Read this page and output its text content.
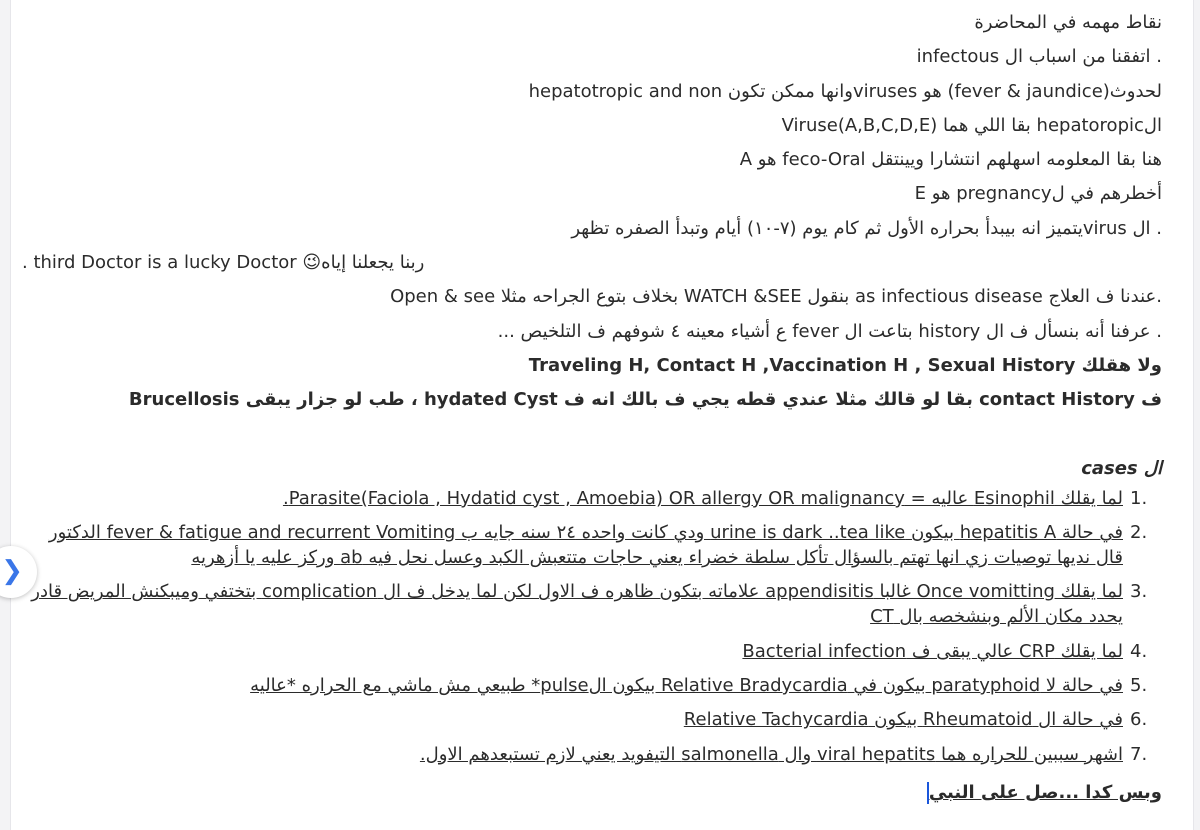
❯
نقاط مهمه في المحاضرة
. اتفقنا من اسباب ال infectous
لحدوث(fever & jaundice) هو virusesوانها ممكن تكون hepatotropic and non
الhepatoropic بقا اللي هما (Viruse(A,B,C,D,E
هنا بقا المعلومه اسهلهم انتشارا ويينتقل feco-Oral هو A
أخطرهم في لpregnancy هو E
. ال virusيتميز انه بيبدأ بحراره الأول ثم كام يوم (٧-١٠) أيام وتبدأ الصفره تظهر
ربنا يجعلنا إياه😉 third Doctor is a lucky Doctor .
.عندنا ف العلاج as infectious disease بنقول WATCH &SEE بخلاف بتوع الجراحه مثلا Open & see
. عرفنا أنه بنسأل ف ال history بتاعت ال fever ع أشياء معينه ٤ شوفهم ف التلخيص ...
ولا هقلك Traveling H, Contact H ,Vaccination H , Sexual History
ف contact History بقا لو قالك مثلا عندي قطه يجي ف بالك انه ف hydated Cyst ، طب لو جزار يبقى Brucellosis
ال cases
1.
لما يقلك Esinophil عاليه = Parasite(Faciola , Hydatid cyst , Amoebia) OR allergy OR malignancy.
2.
في حالة hepatitis A بيكون urine is dark ..tea like ودي كانت واحده ٢٤ سنه جايه ب fever & fatigue and recurrent Vomiting الدكتور قال نديها توصيات زي انها تهتم بالسؤال تأكل سلطة خضراء يعني حاجات متتعبش الكبد وعسل نحل فيه ab وركز عليه يا أزهريه
3.
لما يقلك Once vomitting غالبا appendisitis علاماته بتكون ظاهره ف الاول لكن لما يدخل ف ال complication بتختفي وميبكنش المريض قادر يحدد مكان الألم وبنشخصه بال CT
4.
لما يقلك CRP عالي يبقى ف Bacterial infection
5.
في حالة لا paratyphoid بيكون في Relative Bradycardia بيكون الpulse* طبيعي مش ماشي مع الحراره *عاليه
6.
في حالة ال Rheumatoid بيكون Relative Tachycardia
7.
اشهر سببين للحراره هما viral hepatits وال salmonella التيفويد يعني لازم تستبعدهم الاول.
وبس كدا ...صل على النبي
